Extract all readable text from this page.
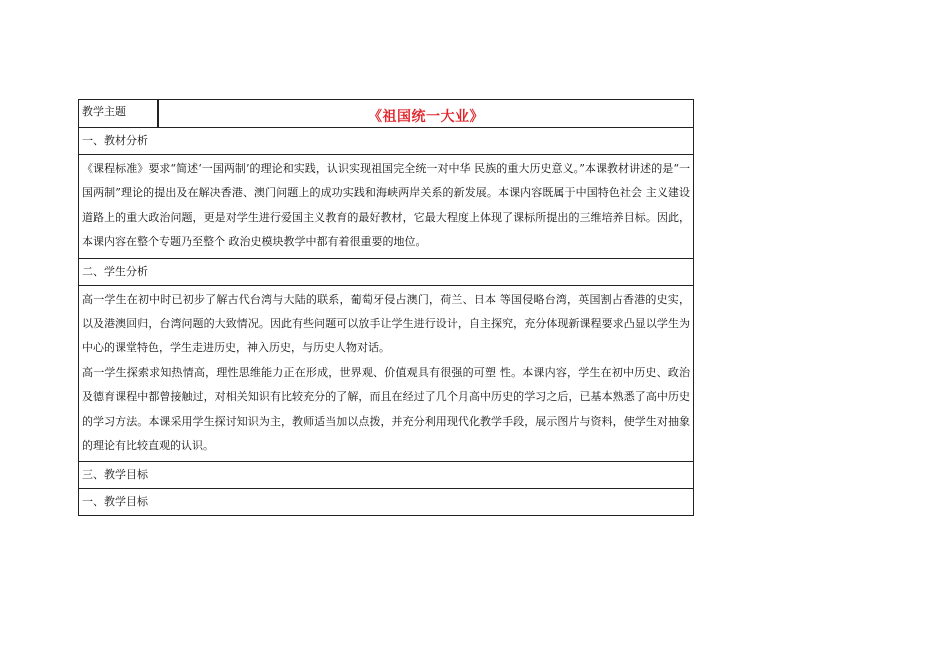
教学主题	《祖国统一大业》
一、教材分析

《课程标准》要求“简述‘一国两制’的理论和实践，认识实现祖国完全统一对中华 民族的重大历史意义。”本课教材讲述的是“一国两制”理论的提出及在解决香港、澳门问题上的成功实践和海峡两岸关系的新发展。本课内容既属于中国特色社会 主义建设道路上的重大政治问题，更是对学生进行爱国主义教育的最好教材，它最大程度上体现了课标所提出的三维培养目标。因此，本课内容在整个专题乃至整个 政治史模块教学中都有着很重要的地位。

二、学生分析

高一学生在初中时已初步了解古代台湾与大陆的联系，葡萄牙侵占澳门，荷兰、日本 等国侵略台湾，英国割占香港的史实，以及港澳回归，台湾问题的大致情况。因此有些问题可以放手让学生进行设计，自主探究，充分体现新课程要求凸显以学生为 中心的课堂特色，学生走进历史，神入历史，与历史人物对话。

高一学生探索求知热情高，理性思维能力正在形成，世界观、价值观具有很强的可塑 性。本课内容，学生在初中历史、政治及德育课程中都曾接触过，对相关知识有比较充分的了解，而且在经过了几个月高中历史的学习之后，已基本熟悉了高中历史 的学习方法。本课采用学生探讨知识为主，教师适当加以点拨，并充分利用现代化教学手段，展示图片与资料，使学生对抽象的理论有比较直观的认识。

三、教学目标
一、教学目标
